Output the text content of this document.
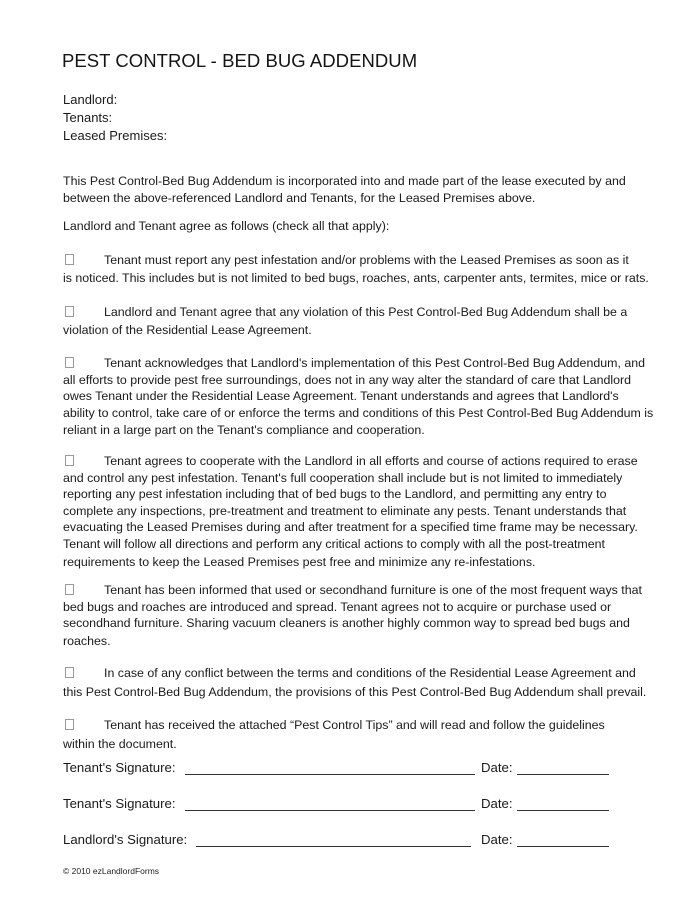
PEST CONTROL - BED BUG ADDENDUM
Landlord:
Tenants:
Leased Premises:
This Pest Control-Bed Bug Addendum is incorporated into and made part of the lease executed by and
between the above-referenced Landlord and Tenants, for the Leased Premises above.
Landlord and Tenant agree as follows (check all that apply):
Tenant must report any pest infestation and/or problems with the Leased Premises as soon as it
is noticed. This includes but is not limited to bed bugs, roaches, ants, carpenter ants, termites, mice or rats.
Landlord and Tenant agree that any violation of this Pest Control-Bed Bug Addendum shall be a
violation of the Residential Lease Agreement.
Tenant acknowledges that Landlord's implementation of this Pest Control-Bed Bug Addendum, and
all efforts to provide pest free surroundings, does not in any way alter the standard of care that Landlord
owes Tenant under the Residential Lease Agreement. Tenant understands and agrees that Landlord's
ability to control, take care of or enforce the terms and conditions of this Pest Control-Bed Bug Addendum is
reliant in a large part on the Tenant's compliance and cooperation.
Tenant agrees to cooperate with the Landlord in all efforts and course of actions required to erase
and control any pest infestation. Tenant's full cooperation shall include but is not limited to immediately
reporting any pest infestation including that of bed bugs to the Landlord, and permitting any entry to
complete any inspections, pre-treatment and treatment to eliminate any pests. Tenant understands that
evacuating the Leased Premises during and after treatment for a specified time frame may be necessary.
Tenant will follow all directions and perform any critical actions to comply with all the post-treatment
requirements to keep the Leased Premises pest free and minimize any re-infestations.
Tenant has been informed that used or secondhand furniture is one of the most frequent ways that
bed bugs and roaches are introduced and spread. Tenant agrees not to acquire or purchase used or
secondhand furniture. Sharing vacuum cleaners is another highly common way to spread bed bugs and
roaches.
In case of any conflict between the terms and conditions of the Residential Lease Agreement and
this Pest Control-Bed Bug Addendum, the provisions of this Pest Control-Bed Bug Addendum shall prevail.
Tenant has received the attached “Pest Control Tips” and will read and follow the guidelines
within the document.
Tenant's Signature:	Date:
Tenant's Signature:	Date:
Landlord's Signature:	Date:
© 2010 ezLandlordForms
